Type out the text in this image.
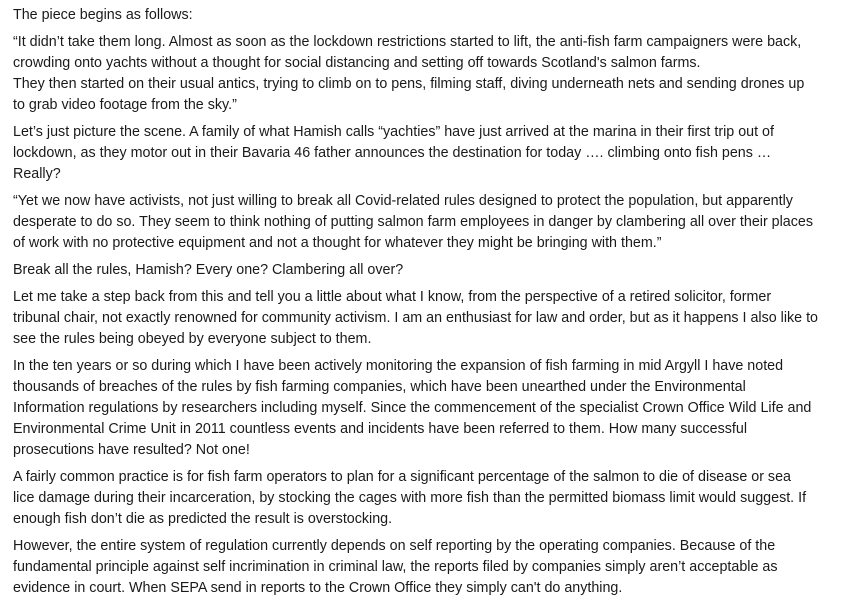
The piece begins as follows:

“It didn’t take them long. Almost as soon as the lockdown restrictions started to lift, the anti-fish farm campaigners were back,
crowding onto yachts without a thought for social distancing and setting off towards Scotland's salmon farms.
They then started on their usual antics, trying to climb on to pens, filming staff, diving underneath nets and sending drones up
to grab video footage from the sky.”

Let’s just picture the scene. A family of what Hamish calls “yachties” have just arrived at the marina in their first trip out of
lockdown, as they motor out in their Bavaria 46 father announces the destination for today …. climbing onto fish pens …
Really?

“Yet we now have activists, not just willing to break all Covid-related rules designed to protect the population, but apparently
desperate to do so. They seem to think nothing of putting salmon farm employees in danger by clambering all over their places
of work with no protective equipment and not a thought for whatever they might be bringing with them.”

Break all the rules, Hamish? Every one? Clambering all over?

Let me take a step back from this and tell you a little about what I know, from the perspective of a retired solicitor, former
tribunal chair, not exactly renowned for community activism. I am an enthusiast for law and order, but as it happens I also like to
see the rules being obeyed by everyone subject to them.

In the ten years or so during which I have been actively monitoring the expansion of fish farming in mid Argyll I have noted
thousands of breaches of the rules by fish farming companies, which have been unearthed under the Environmental
Information regulations by researchers including myself. Since the commencement of the specialist Crown Office Wild Life and
Environmental Crime Unit in 2011 countless events and incidents have been referred to them. How many successful
prosecutions have resulted? Not one!

A fairly common practice is for fish farm operators to plan for a significant percentage of the salmon to die of disease or sea
lice damage during their incarceration, by stocking the cages with more fish than the permitted biomass limit would suggest. If
enough fish don’t die as predicted the result is overstocking.

However, the entire system of regulation currently depends on self reporting by the operating companies. Because of the
fundamental principle against self incrimination in criminal law, the reports filed by companies simply aren’t acceptable as
evidence in court. When SEPA send in reports to the Crown Office they simply can't do anything.
